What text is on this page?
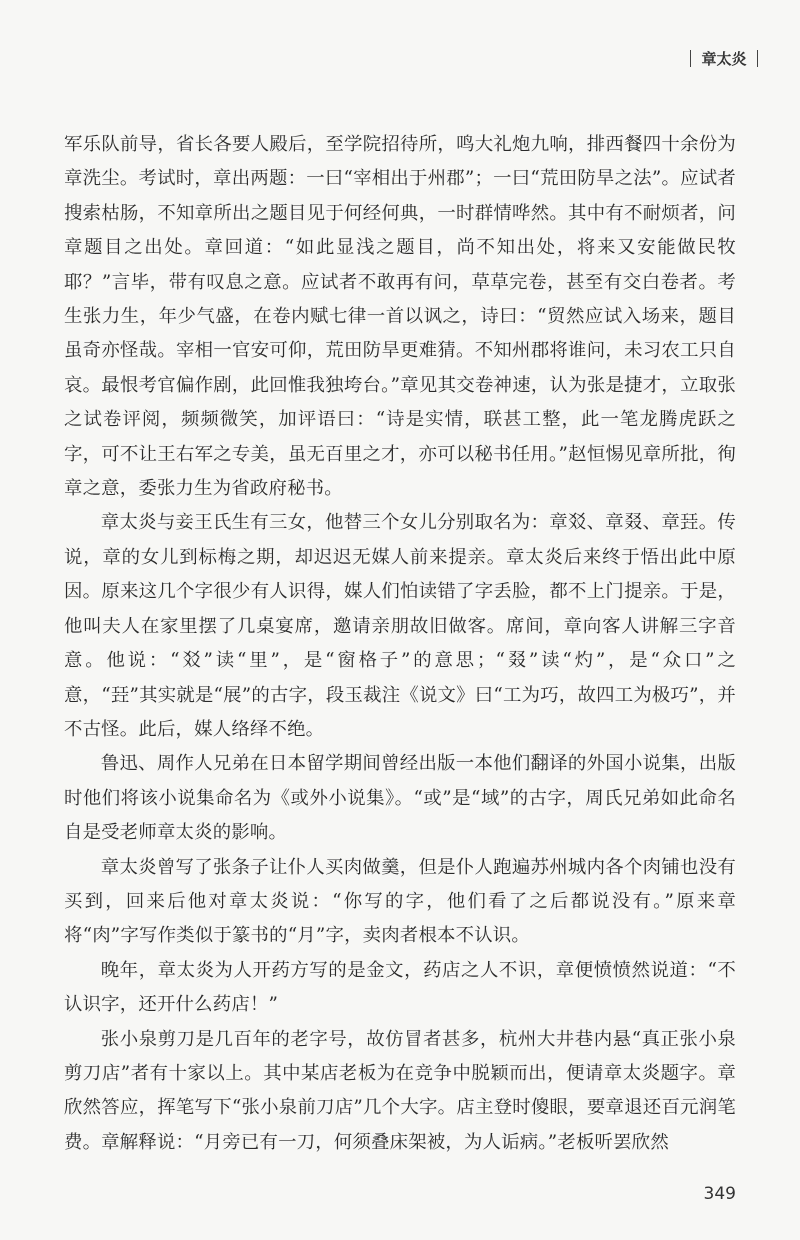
章太炎

军乐队前导，省长各要人殿后，至学院招待所，鸣大礼炮九响，排西餐四十余份为章洗尘。考试时，章出两题：一曰“宰相出于州郡”；一曰“荒田防旱之法”。应试者搜索枯肠，不知章所出之题目见于何经何典，一时群情哗然。其中有不耐烦者，问章题目之出处。章回道：“如此显浅之题目，尚不知出处，将来又安能做民牧耶？”言毕，带有叹息之意。应试者不敢再有问，草草完卷，甚至有交白卷者。考生张力生，年少气盛，在卷内赋七律一首以讽之，诗曰：“贸然应试入场来，题目虽奇亦怪哉。宰相一官安可仰，荒田防旱更难猜。不知州郡将谁问，未习农工只自哀。最恨考官偏作剧，此回惟我独垮台。”章见其交卷神速，认为张是捷才，立取张之试卷评阅，频频微笑，加评语曰：“诗是实情，联甚工整，此一笔龙腾虎跃之字，可不让王右军之专美，虽无百里之才，亦可以秘书任用。”赵恒惕见章所批，徇章之意，委张力生为省政府秘书。

章太炎与妾王氏生有三女，他替三个女儿分别取名为：章㸚、章叕、章㠭。传说，章的女儿到标梅之期，却迟迟无媒人前来提亲。章太炎后来终于悟出此中原因。原来这几个字很少有人识得，媒人们怕读错了字丢脸，都不上门提亲。于是，他叫夫人在家里摆了几桌宴席，邀请亲朋故旧做客。席间，章向客人讲解三字音意。他说：“㸚”读“里”，是“窗格子”的意思；“叕”读“灼”，是“众口”之意，“㠭”其实就是“展”的古字，段玉裁注《说文》曰“工为巧，故四工为极巧”，并不古怪。此后，媒人络绎不绝。

鲁迅、周作人兄弟在日本留学期间曾经出版一本他们翻译的外国小说集，出版时他们将该小说集命名为《或外小说集》。“或”是“域”的古字，周氏兄弟如此命名自是受老师章太炎的影响。

章太炎曾写了张条子让仆人买肉做羹，但是仆人跑遍苏州城内各个肉铺也没有买到，回来后他对章太炎说：“你写的字，他们看了之后都说没有。”原来章将“肉”字写作类似于篆书的“月”字，卖肉者根本不认识。

晚年，章太炎为人开药方写的是金文，药店之人不识，章便愤愤然说道：“不认识字，还开什么药店！”

张小泉剪刀是几百年的老字号，故仿冒者甚多，杭州大井巷内悬“真正张小泉剪刀店”者有十家以上。其中某店老板为在竞争中脱颖而出，便请章太炎题字。章欣然答应，挥笔写下“张小泉前刀店”几个大字。店主登时傻眼，要章退还百元润笔费。章解释说：“月旁已有一刀，何须叠床架被，为人诟病。”老板听罢欣然

349
